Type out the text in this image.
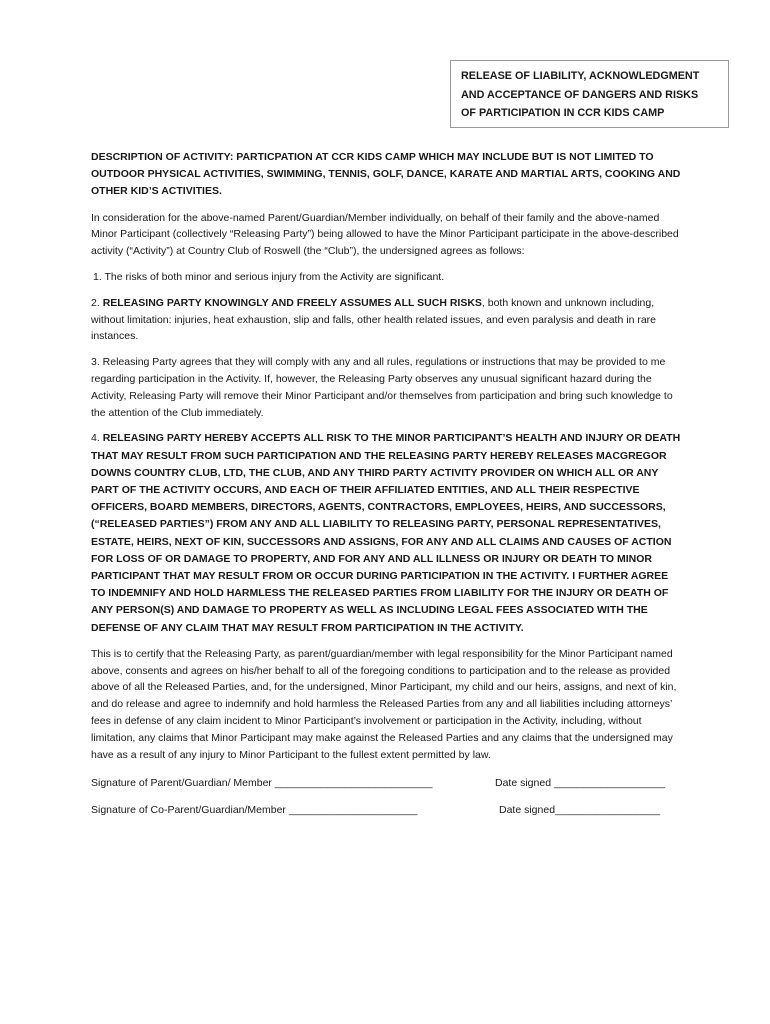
RELEASE OF LIABILITY, ACKNOWLEDGMENT
AND ACCEPTANCE OF DANGERS AND RISKS
OF PARTICIPATION IN CCR KIDS CAMP

DESCRIPTION OF ACTIVITY: PARTICPATION AT CCR KIDS CAMP WHICH MAY INCLUDE BUT IS NOT LIMITED TO OUTDOOR PHYSICAL ACTIVITIES, SWIMMING, TENNIS, GOLF, DANCE, KARATE AND MARTIAL ARTS, COOKING AND OTHER KID’S ACTIVITIES.

In consideration for the above-named Parent/Guardian/Member individually, on behalf of their family and the above-named Minor Participant (collectively “Releasing Party”) being allowed to have the Minor Participant participate in the above-described activity (“Activity”) at Country Club of Roswell (the “Club”), the undersigned agrees as follows:

1. The risks of both minor and serious injury from the Activity are significant.

2. RELEASING PARTY KNOWINGLY AND FREELY ASSUMES ALL SUCH RISKS, both known and unknown including, without limitation: injuries, heat exhaustion, slip and falls, other health related issues, and even paralysis and death in rare instances.

3. Releasing Party agrees that they will comply with any and all rules, regulations or instructions that may be provided to me regarding participation in the Activity. If, however, the Releasing Party observes any unusual significant hazard during the Activity, Releasing Party will remove their Minor Participant and/or themselves from participation and bring such knowledge to the attention of the Club immediately.

4. RELEASING PARTY HEREBY ACCEPTS ALL RISK TO THE MINOR PARTICIPANT’S HEALTH AND INJURY OR DEATH THAT MAY RESULT FROM SUCH PARTICIPATION AND THE RELEASING PARTY HEREBY RELEASES MACGREGOR DOWNS COUNTRY CLUB, LTD, THE CLUB, AND ANY THIRD PARTY ACTIVITY PROVIDER ON WHICH ALL OR ANY PART OF THE ACTIVITY OCCURS, AND EACH OF THEIR AFFILIATED ENTITIES, AND ALL THEIR RESPECTIVE OFFICERS, BOARD MEMBERS, DIRECTORS, AGENTS, CONTRACTORS, EMPLOYEES, HEIRS, AND SUCCESSORS, (“RELEASED PARTIES”) FROM ANY AND ALL LIABILITY TO RELEASING PARTY, PERSONAL REPRESENTATIVES, ESTATE, HEIRS, NEXT OF KIN, SUCCESSORS AND ASSIGNS, FOR ANY AND ALL CLAIMS AND CAUSES OF ACTION FOR LOSS OF OR DAMAGE TO PROPERTY, AND FOR ANY AND ALL ILLNESS OR INJURY OR DEATH TO MINOR PARTICIPANT THAT MAY RESULT FROM OR OCCUR DURING PARTICIPATION IN THE ACTIVITY. I FURTHER AGREE TO INDEMNIFY AND HOLD HARMLESS THE RELEASED PARTIES FROM LIABILITY FOR THE INJURY OR DEATH OF ANY PERSON(S) AND DAMAGE TO PROPERTY AS WELL AS INCLUDING LEGAL FEES ASSOCIATED WITH THE DEFENSE OF ANY CLAIM THAT MAY RESULT FROM PARTICIPATION IN THE ACTIVITY.

This is to certify that the Releasing Party, as parent/guardian/member with legal responsibility for the Minor Participant named above, consents and agrees on his/her behalf to all of the foregoing conditions to participation and to the release as provided above of all the Released Parties, and, for the undersigned, Minor Participant, my child and our heirs, assigns, and next of kin, and do release and agree to indemnify and hold harmless the Released Parties from any and all liabilities including attorneys’ fees in defense of any claim incident to Minor Participant’s involvement or participation in the Activity, including, without limitation, any claims that Minor Participant may make against the Released Parties and any claims that the undersigned may have as a result of any injury to Minor Participant to the fullest extent permitted by law.

Signature of Parent/Guardian/ Member ___________________________	Date signed ___________________
Signature of Co-Parent/Guardian/Member ______________________	Date signed__________________
